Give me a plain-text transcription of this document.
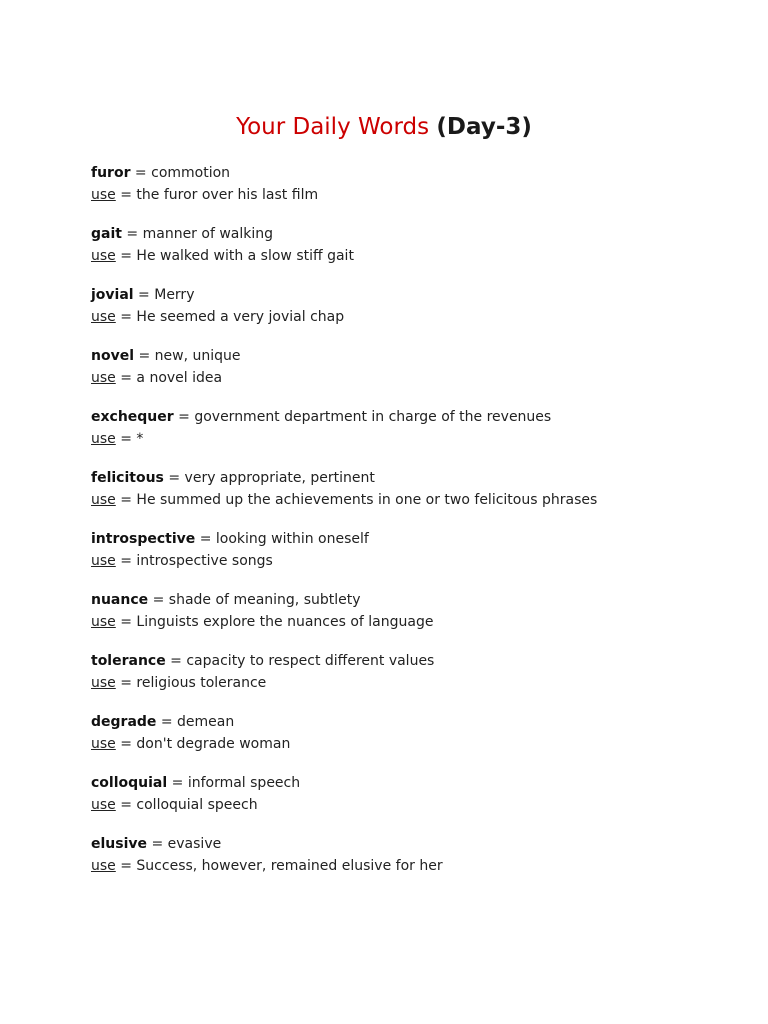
Your Daily Words (Day-3)
furor = commotion
use = the furor over his last film
gait = manner of walking
use = He walked with a slow stiff gait
jovial = Merry
use = He seemed a very jovial chap
novel = new, unique
use = a novel idea
exchequer = government department in charge of the revenues
use = *
felicitous = very appropriate, pertinent
use = He summed up the achievements in one or two felicitous phrases
introspective = looking within oneself
use = introspective songs
nuance = shade of meaning, subtlety
use = Linguists explore the nuances of language
tolerance = capacity to respect different values
use = religious tolerance
degrade = demean
use = don't degrade woman
colloquial = informal speech
use = colloquial speech
elusive = evasive
use = Success, however, remained elusive for her
